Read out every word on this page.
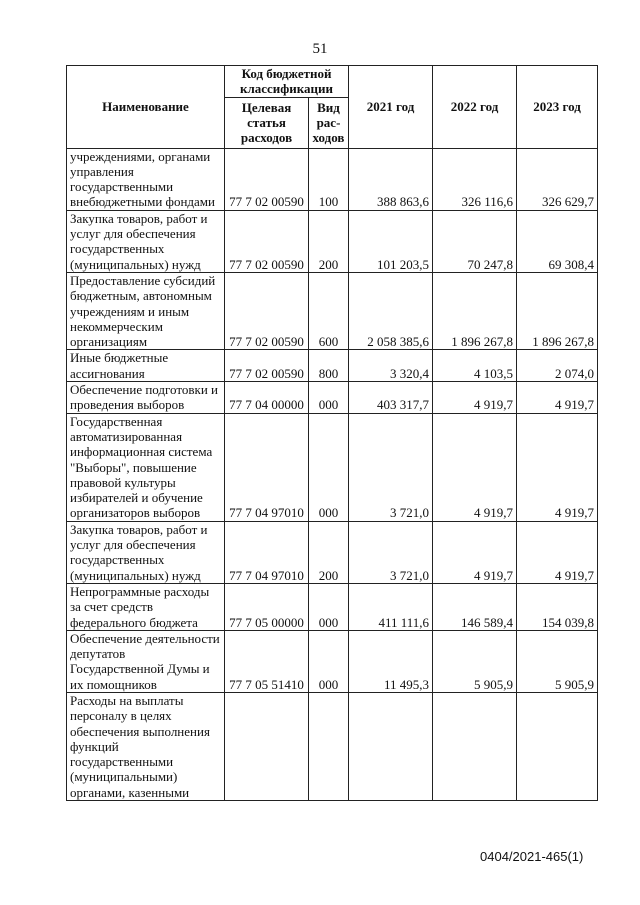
51
Наименование	Код бюджетной классификации		2021 год	2022 год	2023 год
	Целевая статья расходов	Вид рас-ходов			
учреждениями, органами управления государственными внебюджетными фондами	77 7 02 00590	100	388 863,6	326 116,6	326 629,7
Закупка товаров, работ и услуг для обеспечения государственных (муниципальных) нужд	77 7 02 00590	200	101 203,5	70 247,8	69 308,4
Предоставление субсидий бюджетным, автономным учреждениям и иным некоммерческим организациям	77 7 02 00590	600	2 058 385,6	1 896 267,8	1 896 267,8
Иные бюджетные ассигнования	77 7 02 00590	800	3 320,4	4 103,5	2 074,0
Обеспечение подготовки и проведения выборов	77 7 04 00000	000	403 317,7	4 919,7	4 919,7
Государственная автоматизированная информационная система "Выборы", повышение правовой культуры избирателей и обучение организаторов выборов	77 7 04 97010	000	3 721,0	4 919,7	4 919,7
Закупка товаров, работ и услуг для обеспечения государственных (муниципальных) нужд	77 7 04 97010	200	3 721,0	4 919,7	4 919,7
Непрограммные расходы за счет средств федерального бюджета	77 7 05 00000	000	411 111,6	146 589,4	154 039,8
Обеспечение деятельности депутатов Государственной Думы и их помощников	77 7 05 51410	000	11 495,3	5 905,9	5 905,9
Расходы на выплаты персоналу в целях обеспечения выполнения функций государственными (муниципальными) органами, казенными					
0404/2021-465(1)
